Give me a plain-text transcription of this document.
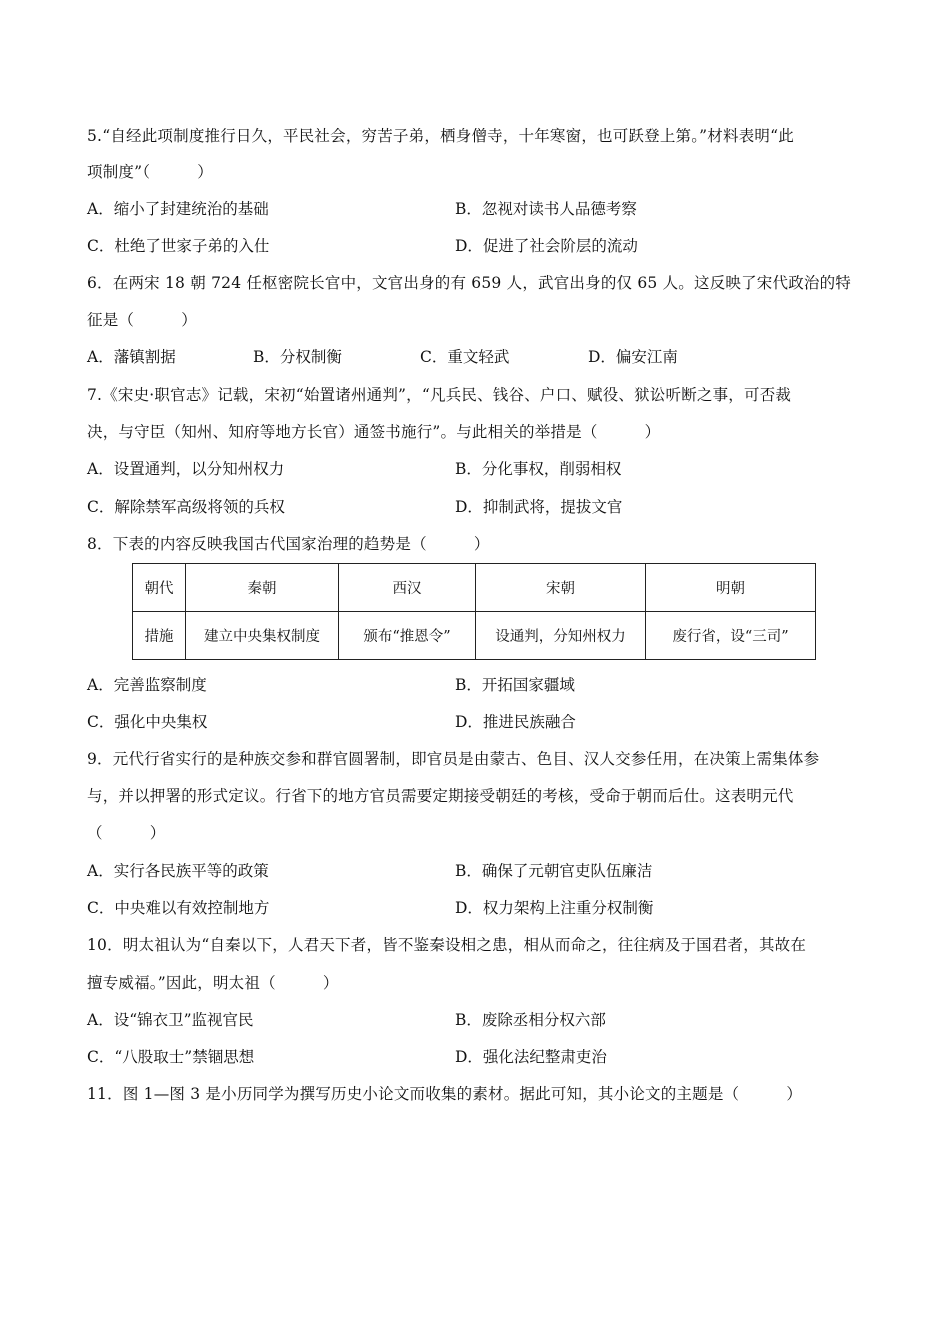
5.“自经此项制度推行日久，平民社会，穷苦子弟，栖身僧寺，十年寒窗，也可跃登上第。”材料表明“此
项制度”（　　　）
A．缩小了封建统治的基础	B．忽视对读书人品德考察
C．杜绝了世家子弟的入仕	D．促进了社会阶层的流动
6．在两宋 18 朝 724 任枢密院长官中，文官出身的有 659 人，武官出身的仅 65 人。这反映了宋代政治的特
征是（　　　）
A．藩镇割据	B．分权制衡	C．重文轻武	D．偏安江南
7.《宋史·职官志》记载，宋初“始置诸州通判”，“凡兵民、钱谷、户口、赋役、狱讼听断之事，可否裁
决，与守臣（知州、知府等地方长官）通签书施行”。与此相关的举措是（　　　）
A．设置通判，以分知州权力	B．分化事权，削弱相权
C．解除禁军高级将领的兵权	D．抑制武将，提拔文官
8．下表的内容反映我国古代国家治理的趋势是（　　　）
朝代	秦朝	西汉	宋朝	明朝
措施	建立中央集权制度	颁布“推恩令”	设通判，分知州权力	废行省，设“三司”
A．完善监察制度	B．开拓国家疆域
C．强化中央集权	D．推进民族融合
9．元代行省实行的是种族交参和群官圆署制，即官员是由蒙古、色目、汉人交参任用，在决策上需集体参
与，并以押署的形式定议。行省下的地方官员需要定期接受朝廷的考核，受命于朝而后仕。这表明元代
（　　　）
A．实行各民族平等的政策	B．确保了元朝官吏队伍廉洁
C．中央难以有效控制地方	D．权力架构上注重分权制衡
10．明太祖认为“自秦以下，人君天下者，皆不鉴秦设相之患，相从而命之，往往病及于国君者，其故在
擅专威福。”因此，明太祖（　　　）
A．设“锦衣卫”监视官民	B．废除丞相分权六部
C．“八股取士”禁锢思想	D．强化法纪整肃吏治
11．图 1—图 3 是小历同学为撰写历史小论文而收集的素材。据此可知，其小论文的主题是（　　　）
